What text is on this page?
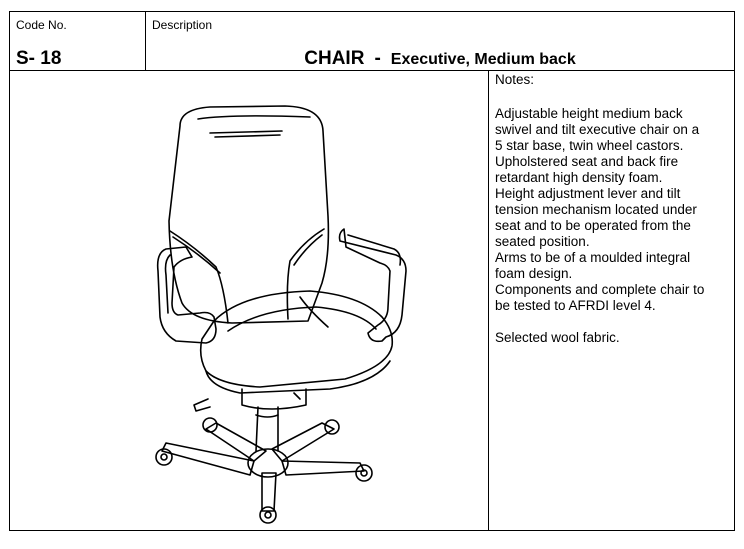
Code No.
S- 18
Description
CHAIR - Executive, Medium back
Notes:

Adjustable height medium back

swivel and tilt executive chair on a

5 star base, twin wheel castors.

Upholstered seat and back fire

retardant high density foam.

Height adjustment lever and tilt

tension mechanism located under

seat and to be operated from the

seated position.

Arms to be of a moulded integral

foam design.

Components and complete chair to

be tested to AFRDI level 4.

Selected wool fabric.
